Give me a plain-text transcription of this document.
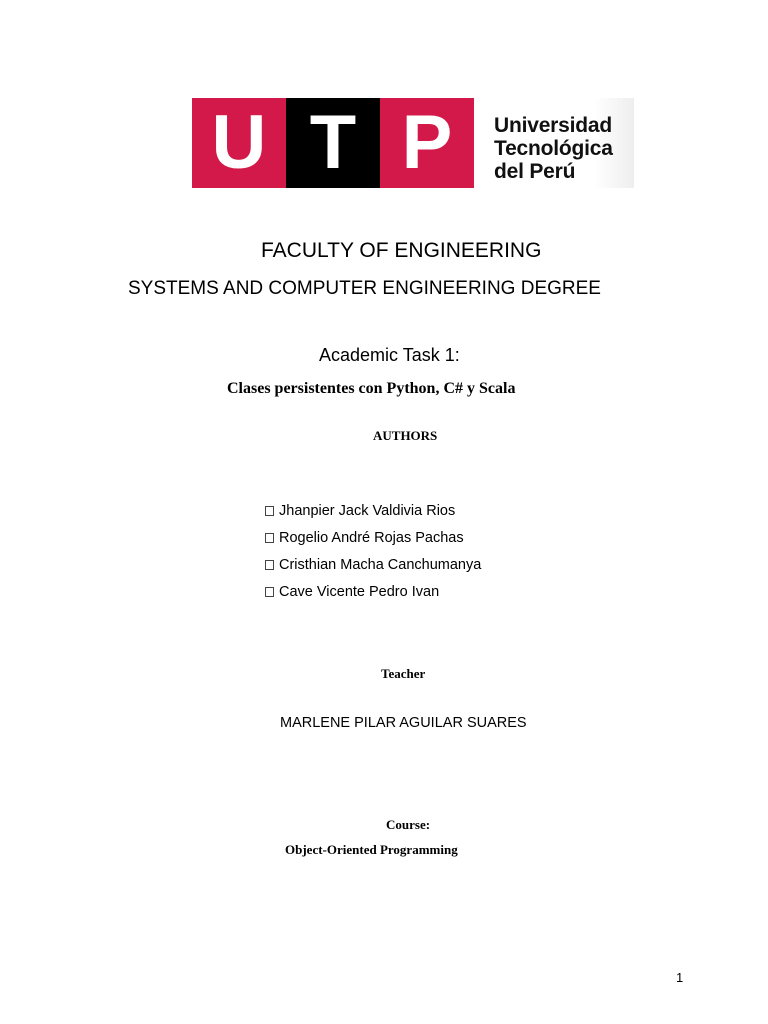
U T P Universidad
Tecnológica
del Perú
FACULTY OF ENGINEERING
SYSTEMS AND COMPUTER ENGINEERING DEGREE
Academic Task 1:
Clases persistentes con Python, C# y Scala
AUTHORS
Jhanpier Jack Valdivia Rios
Rogelio André Rojas Pachas
Cristhian Macha Canchumanya
Cave Vicente Pedro Ivan
Teacher
MARLENE PILAR AGUILAR SUARES
Course:
Object-Oriented Programming
1
